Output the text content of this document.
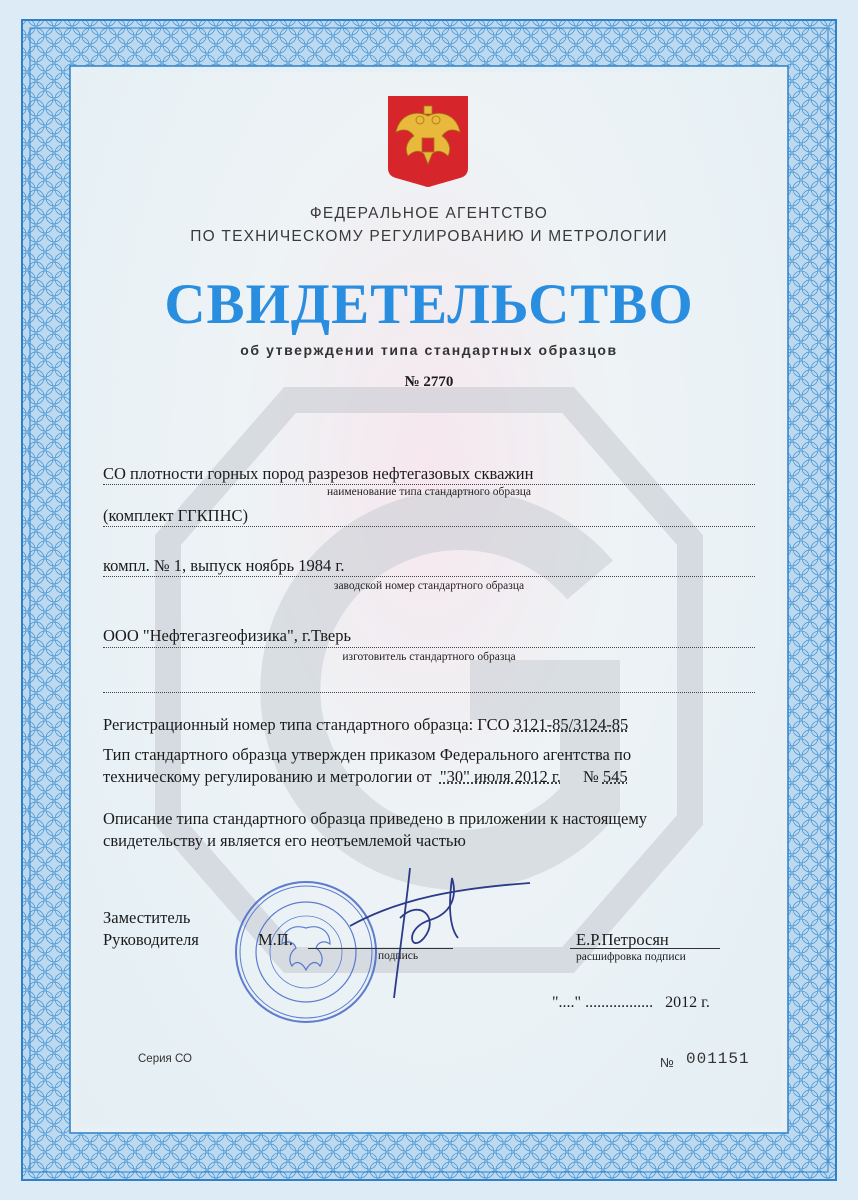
ФЕДЕРАЛЬНОЕ АГЕНТСТВО
ПО ТЕХНИЧЕСКОМУ РЕГУЛИРОВАНИЮ И МЕТРОЛОГИИ
СВИДЕТЕЛЬСТВО
об утверждении типа стандартных образцов
№ 2770
СО плотности горных пород разрезов нефтегазовых скважин
наименование типа стандартного образца
(комплект ГГКПНС)
компл. № 1, выпуск ноябрь 1984 г.
заводской номер стандартного образца
ООО "Нефтегазгеофизика", г.Тверь
изготовитель стандартного образца
Регистрационный номер типа стандартного образца: ГСО 3121-85/3124-85
Тип стандартного образца утвержден приказом Федерального агентства по
техническому регулированию и метрологии от "30" июля 2012 г. № 545
Описание типа стандартного образца приведено в приложении к настоящему
свидетельству и является его неотъемлемой частью
Заместитель
Руководителя	М.П.
подпись
Е.Р.Петросян
расшифровка подписи
"...." ................. 2012 г.
Серия СО	№ 001151
